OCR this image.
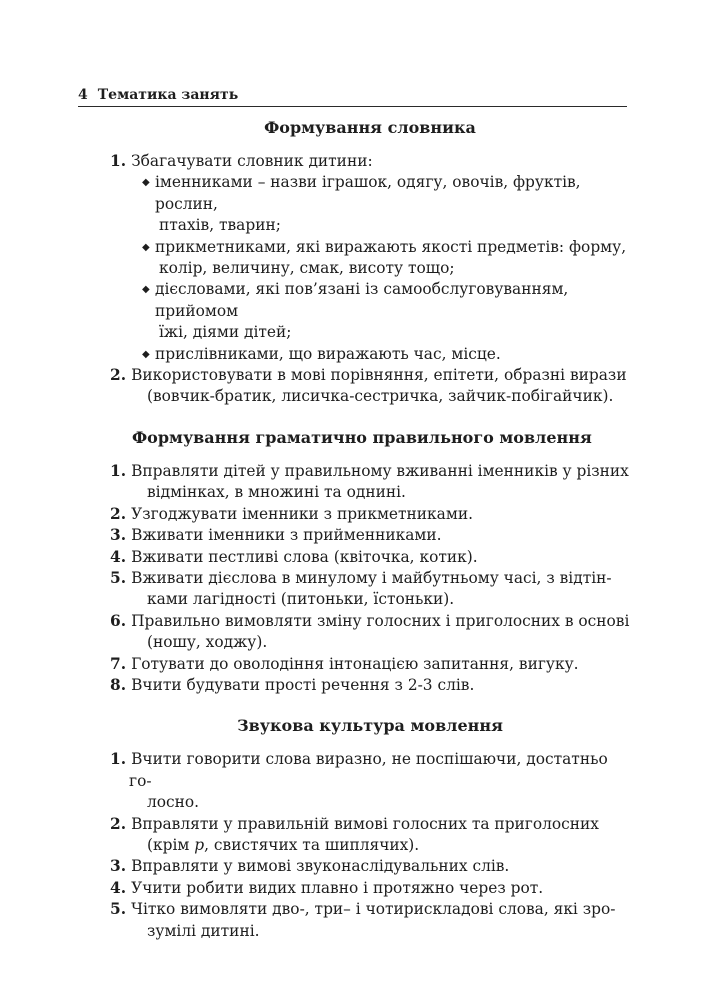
4 Тематика занять
Формування словника
1. Збагачувати словник дитини:
◆ іменниками – назви іграшок, одягу, овочів, фруктів, рослин,
птахів, тварин;
◆ прикметниками, які виражають якості предметів: форму,
колір, величину, смак, висоту тощо;
◆ дієсловами, які пов’язані із самообслуговуванням, прийомом
їжі, діями дітей;
◆ прислівниками, що виражають час, місце.
2. Використовувати в мові порівняння, епітети, образні вирази
(вовчик-братик, лисичка-сестричка, зайчик-побігайчик).
Формування граматично правильного мовлення
1. Вправляти дітей у правильному вживанні іменників у різних
відмінках, в множині та однині.
2. Узгоджувати іменники з прикметниками.
3. Вживати іменники з прийменниками.
4. Вживати пестливі слова (квіточка, котик).
5. Вживати дієслова в минулому і майбутньому часі, з відтін-
ками лагідності (питоньки, їстоньки).
6. Правильно вимовляти зміну голосних і приголосних в основі
(ношу, ходжу).
7. Готувати до оволодіння інтонацією запитання, вигуку.
8. Вчити будувати прості речення з 2-3 слів.
Звукова культура мовлення
1. Вчити говорити слова виразно, не поспішаючи, достатньо го-
лосно.
2. Вправляти у правильній вимові голосних та приголосних
(крім р, свистячих та шиплячих).
3. Вправляти у вимові звуконаслідувальних слів.
4. Учити робити видих плавно і протяжно через рот.
5. Чітко вимовляти дво-, три– і чотирискладові слова, які зро-
зумілі дитині.
